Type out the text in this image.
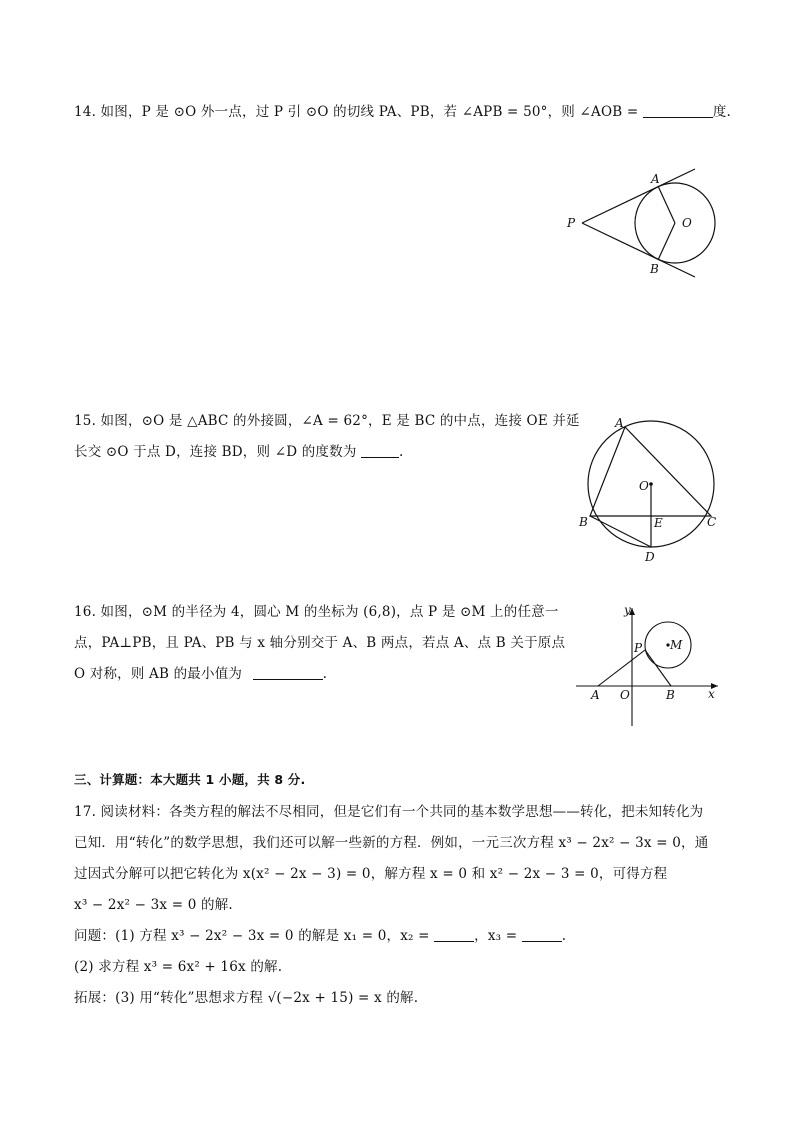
14. 如图，P 是 ⊙O 外一点，过 P 引 ⊙O 的切线 PA、PB，若 ∠APB = 50°，则 ∠AOB =	度.
A
B
P	O
15. 如图，⊙O 是 △ABC 的外接圆，∠A = 62°，E 是 BC 的中点，连接 OE 并延
长交 ⊙O 于点 D，连接 BD，则 ∠D 的度数为	.
A
B	C
O
E
D
16. 如图，⊙M 的半径为 4，圆心 M 的坐标为 (6,8)，点 P 是 ⊙M 上的任意一
点，PA⊥PB，且 PA、PB 与 x 轴分别交于 A、B 两点，若点 A、点 B 关于原点
O 对称，则 AB 的最小值为	.
y
x
P M
A O	B
三、计算题：本大题共 1 小题，共 8 分.
17. 阅读材料：各类方程的解法不尽相同，但是它们有一个共同的基本数学思想——转化，把未知转化为
已知．用“转化”的数学思想，我们还可以解一些新的方程．例如，一元三次方程 x³ − 2x² − 3x = 0，通
过因式分解可以把它转化为 x(x² − 2x − 3) = 0，解方程 x = 0 和 x² − 2x − 3 = 0，可得方程
x³ − 2x² − 3x = 0 的解.
问题：(1) 方程 x³ − 2x² − 3x = 0 的解是 x₁ = 0，x₂ =	，x₃ =	.
(2) 求方程 x³ = 6x² + 16x 的解.
拓展：(3) 用“转化”思想求方程 √(−2x + 15) = x 的解.
